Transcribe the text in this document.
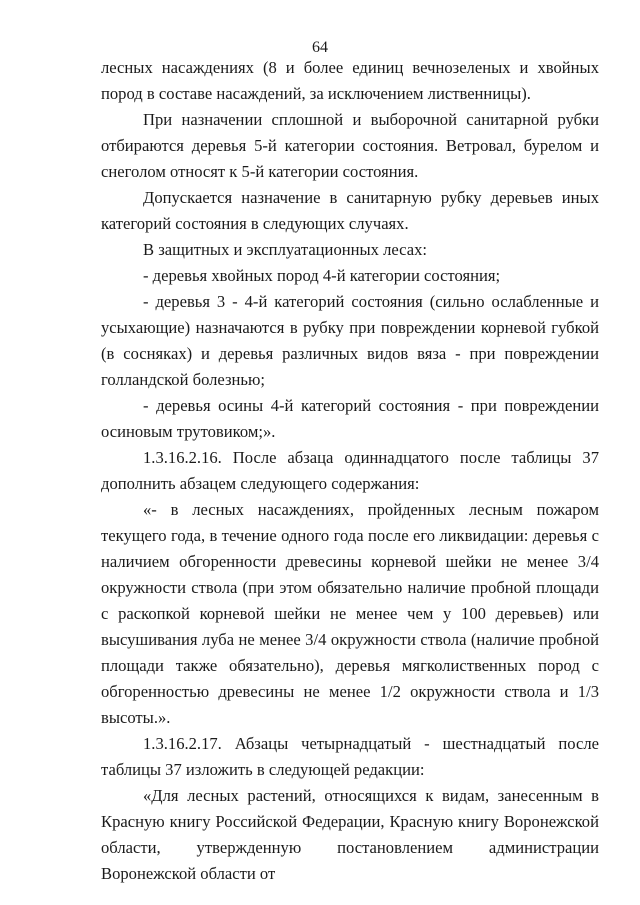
64

лесных насаждениях (8 и более единиц вечнозеленых и хвойных пород в составе насаждений, за исключением лиственницы).

При назначении сплошной и выборочной санитарной рубки отбираются деревья 5-й категории состояния. Ветровал, бурелом и снеголом относят к 5-й категории состояния.

Допускается назначение в санитарную рубку деревьев иных категорий состояния в следующих случаях.

В защитных и эксплуатационных лесах:

- деревья хвойных пород 4-й категории состояния;

- деревья 3 - 4-й категорий состояния (сильно ослабленные и усыхающие) назначаются в рубку при повреждении корневой губкой (в сосняках) и деревья различных видов вяза - при повреждении голландской болезнью;

- деревья осины 4-й категорий состояния - при повреждении осиновым трутовиком;».

1.3.16.2.16. После абзаца одиннадцатого после таблицы 37 дополнить абзацем следующего содержания:

«- в лесных насаждениях, пройденных лесным пожаром текущего года, в течение одного года после его ликвидации: деревья с наличием обгоренности древесины корневой шейки не менее 3/4 окружности ствола (при этом обязательно наличие пробной площади с раскопкой корневой шейки не менее чем у 100 деревьев) или высушивания луба не менее 3/4 окружности ствола (наличие пробной площади также обязательно), деревья мягколиственных пород с обгоренностью древесины не менее 1/2 окружности ствола и 1/3 высоты.».

1.3.16.2.17. Абзацы четырнадцатый - шестнадцатый после таблицы 37 изложить в следующей редакции:

«Для лесных растений, относящихся к видам, занесенным в Красную книгу Российской Федерации, Красную книгу Воронежской области, утвержденную постановлением администрации Воронежской области от
